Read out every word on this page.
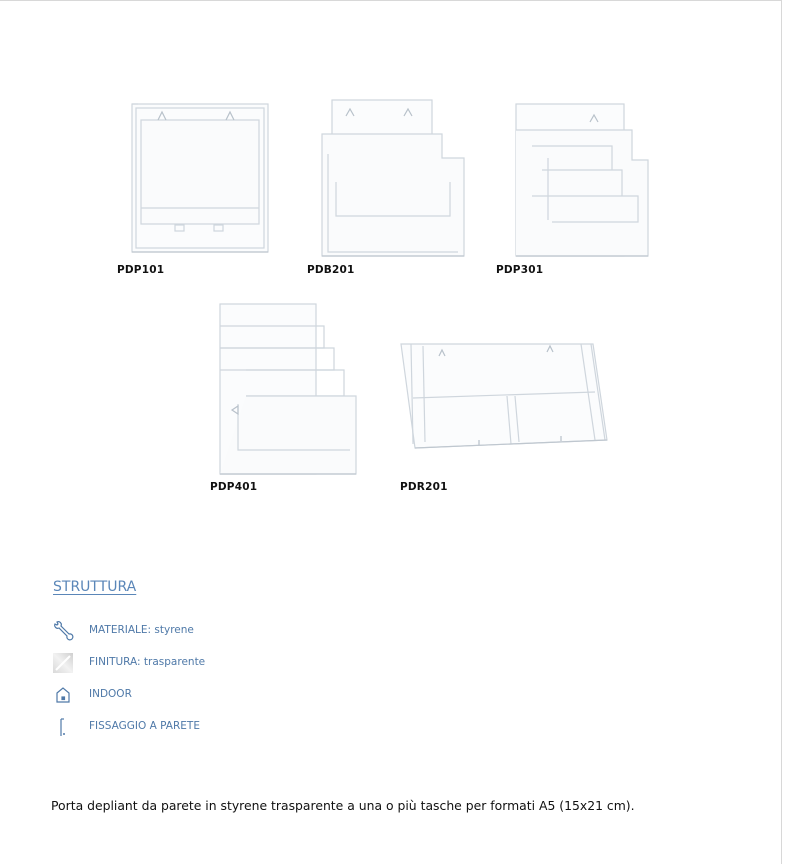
PDP101	PDB201	PDP301
PDP401	PDR201
STRUTTURA
MATERIALE: styrene
FINITURA: trasparente
INDOOR
FISSAGGIO A PARETE
Porta depliant da parete in styrene trasparente a una o più tasche per formati A5 (15x21 cm).
